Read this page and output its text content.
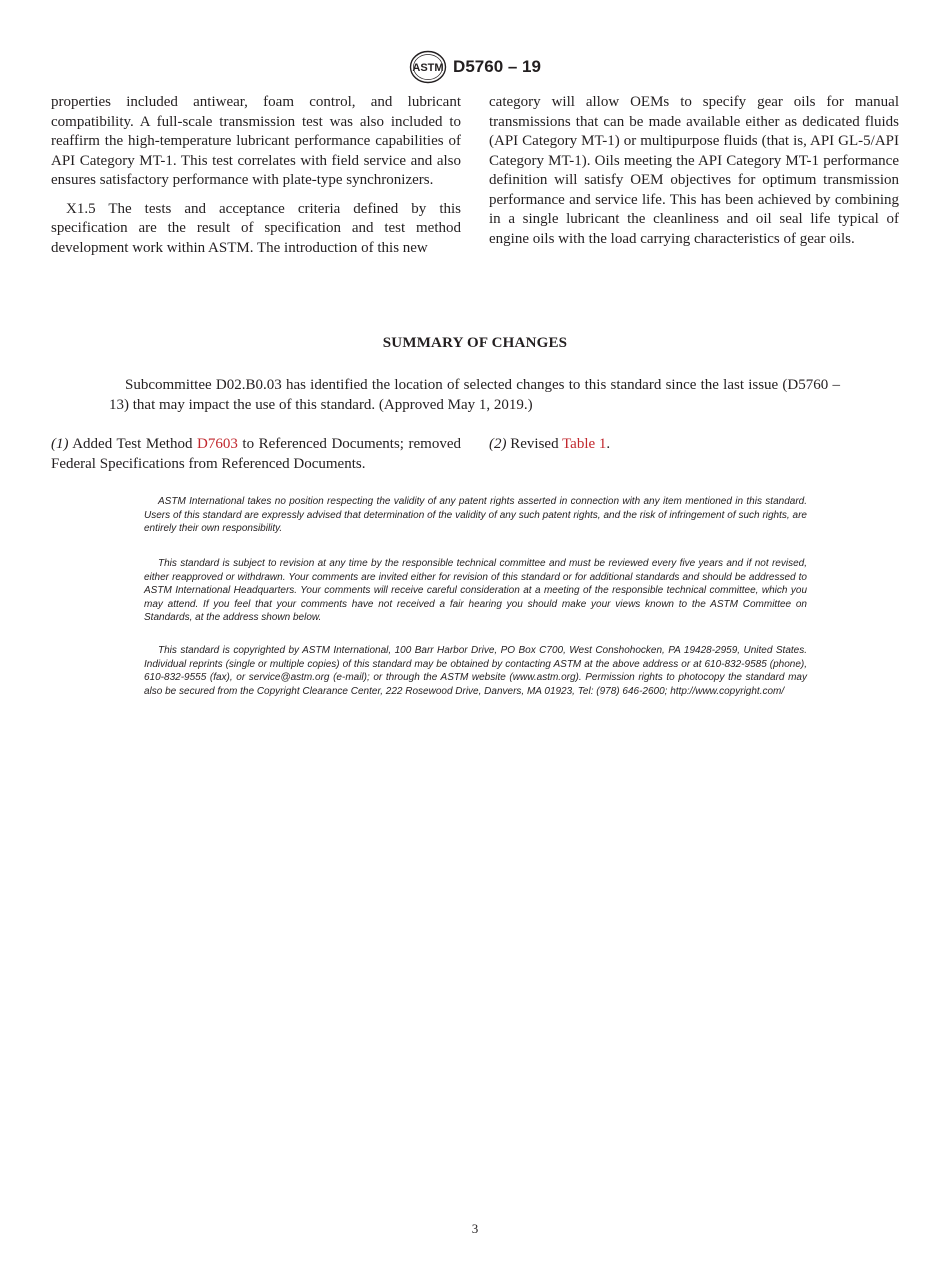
ASTM D5760 – 19

properties included antiwear, foam control, and lubricant compatibility. A full-scale transmission test was also included to reaffirm the high-temperature lubricant performance capabilities of API Category MT-1. This test correlates with field service and also ensures satisfactory performance with plate-type synchronizers.

X1.5 The tests and acceptance criteria defined by this specification are the result of specification and test method development work within ASTM. The introduction of this new

category will allow OEMs to specify gear oils for manual transmissions that can be made available either as dedicated fluids (API Category MT-1) or multipurpose fluids (that is, API GL-5/API Category MT-1). Oils meeting the API Category MT-1 performance definition will satisfy OEM objectives for optimum transmission performance and service life. This has been achieved by combining in a single lubricant the cleanliness and oil seal life typical of engine oils with the load carrying characteristics of gear oils.

SUMMARY OF CHANGES

Subcommittee D02.B0.03 has identified the location of selected changes to this standard since the last issue (D5760 – 13) that may impact the use of this standard. (Approved May 1, 2019.)

(1) Added Test Method D7603 to Referenced Documents; removed Federal Specifications from Referenced Documents.

(2) Revised Table 1.

ASTM International takes no position respecting the validity of any patent rights asserted in connection with any item mentioned in this standard. Users of this standard are expressly advised that determination of the validity of any such patent rights, and the risk of infringement of such rights, are entirely their own responsibility.

This standard is subject to revision at any time by the responsible technical committee and must be reviewed every five years and if not revised, either reapproved or withdrawn. Your comments are invited either for revision of this standard or for additional standards and should be addressed to ASTM International Headquarters. Your comments will receive careful consideration at a meeting of the responsible technical committee, which you may attend. If you feel that your comments have not received a fair hearing you should make your views known to the ASTM Committee on Standards, at the address shown below.

This standard is copyrighted by ASTM International, 100 Barr Harbor Drive, PO Box C700, West Conshohocken, PA 19428-2959, United States. Individual reprints (single or multiple copies) of this standard may be obtained by contacting ASTM at the above address or at 610-832-9585 (phone), 610-832-9555 (fax), or service@astm.org (e-mail); or through the ASTM website (www.astm.org). Permission rights to photocopy the standard may also be secured from the Copyright Clearance Center, 222 Rosewood Drive, Danvers, MA 01923, Tel: (978) 646-2600; http://www.copyright.com/

3
